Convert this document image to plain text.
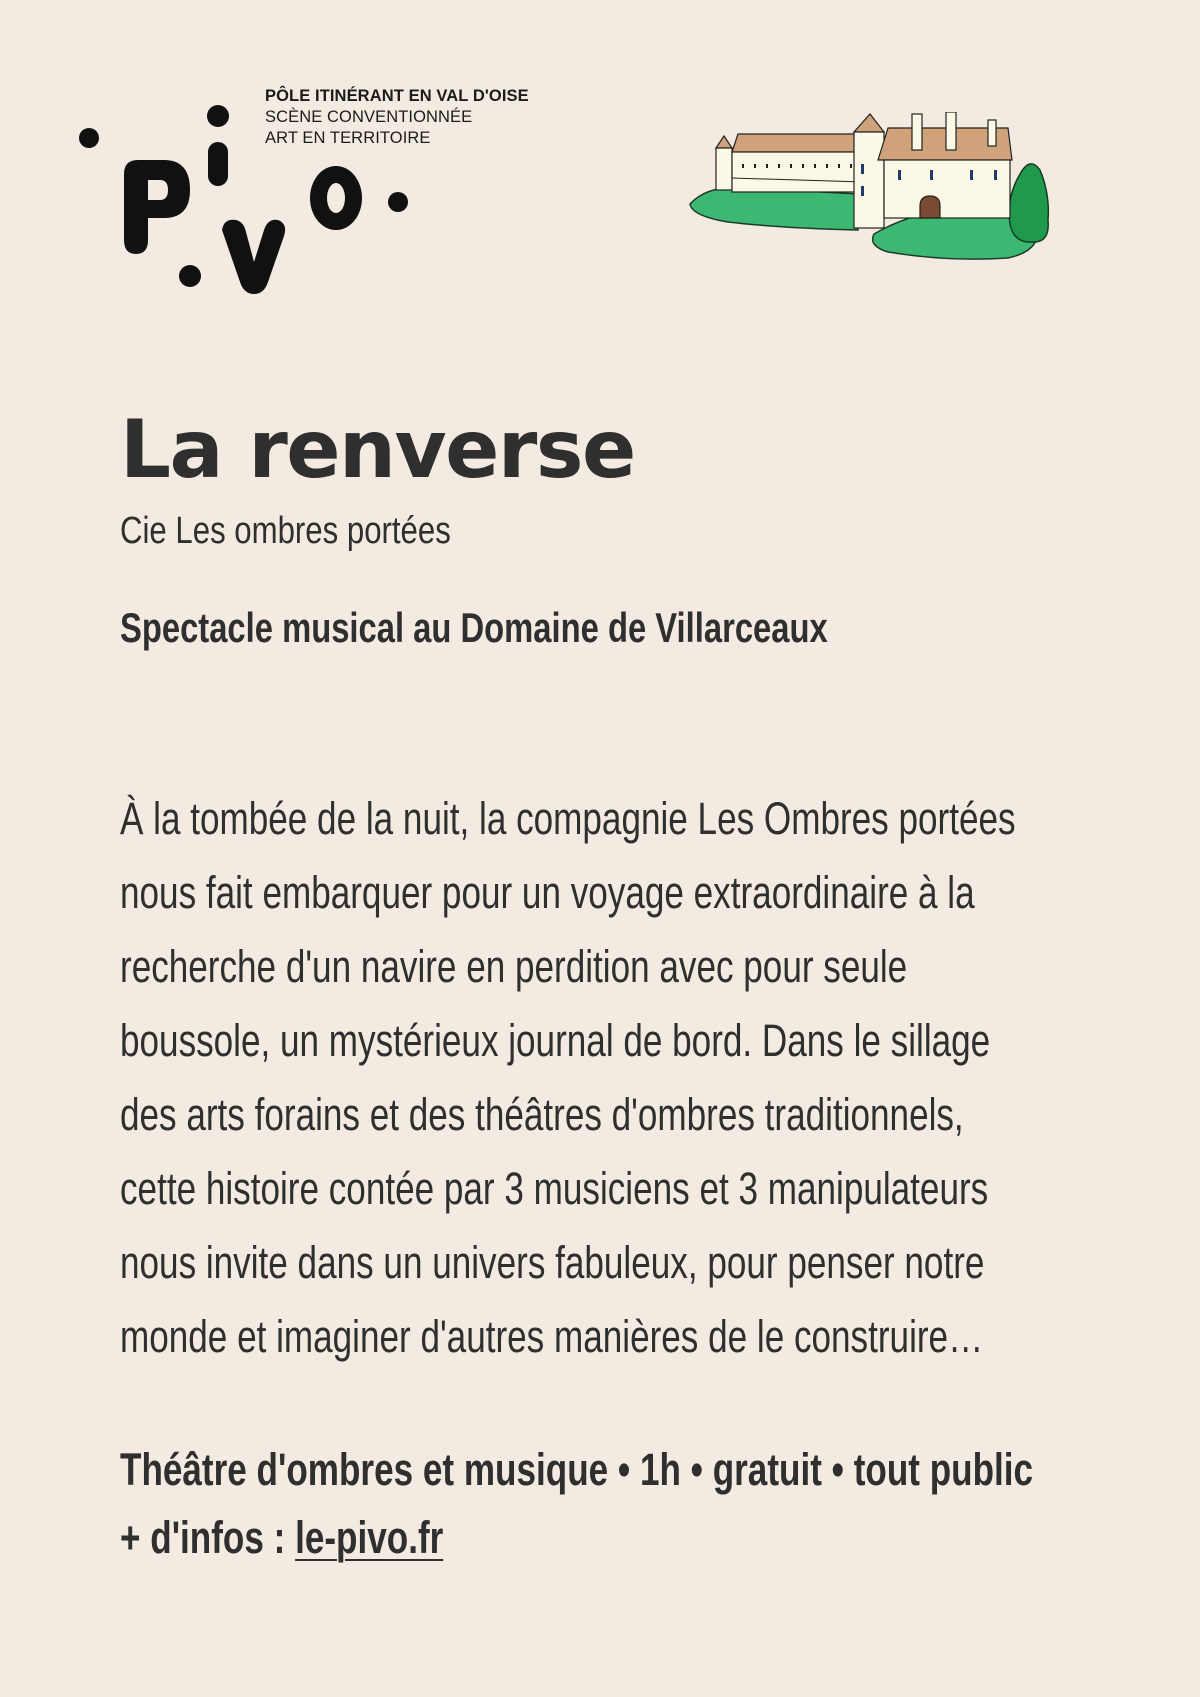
PÔLE ITINÉRANT EN VAL D'OISE
SCÈNE CONVENTIONNÉE
ART EN TERRITOIRE
La renverse
Cie Les ombres portées
Spectacle musical au Domaine de Villarceaux
À la tombée de la nuit, la compagnie Les Ombres portées
nous fait embarquer pour un voyage extraordinaire à la
recherche d'un navire en perdition avec pour seule
boussole, un mystérieux journal de bord. Dans le sillage
des arts forains et des théâtres d'ombres traditionnels,
cette histoire contée par 3 musiciens et 3 manipulateurs
nous invite dans un univers fabuleux, pour penser notre
monde et imaginer d'autres manières de le construire…
Théâtre d'ombres et musique • 1h • gratuit • tout public
+ d'infos : le-pivo.fr
